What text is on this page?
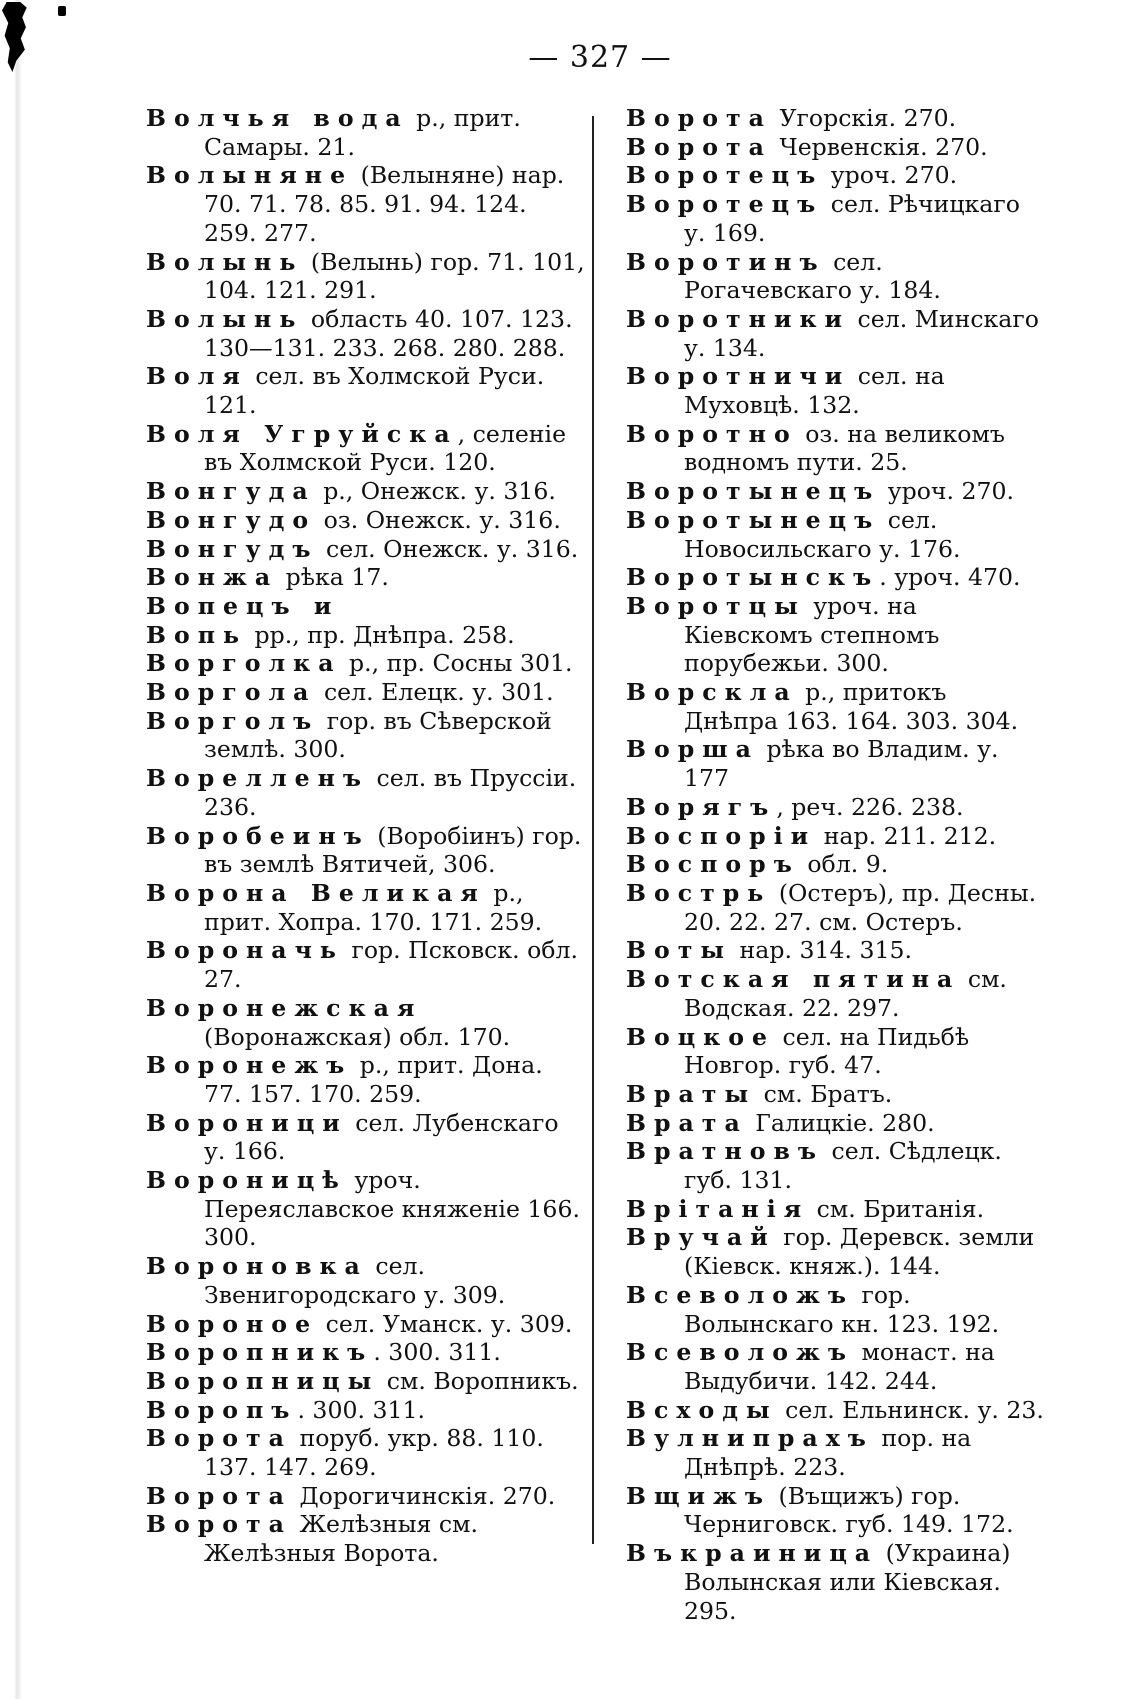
— 327 —

Волчья вода р., прит. Самары. 21.

Волыняне (Велыняне) нар. 70. 71. 78. 85. 91. 94. 124. 259. 277.

Волынь (Велынь) гор. 71. 101, 104. 121. 291.

Волынь область 40. 107. 123. 130—131. 233. 268. 280. 288.

Воля сел. въ Холмской Руси. 121.

Воля Угруйска, селеніе въ Холмской Руси. 120.

Вонгуда р., Онежск. у. 316.

Вонгудо оз. Онежск. у. 316.

Вонгудъ сел. Онежск. у. 316.

Вонжа рѣка 17.

Вопецъ и

Вопь рр., пр. Днѣпра. 258.

Ворголка р., пр. Сосны 301.

Ворголa сел. Елецк. у. 301.

Ворголъ гор. въ Сѣверской землѣ. 300.

Ворелленъ сел. въ Пруссіи. 236.

Воробеинъ (Воробіинъ) гор. въ землѣ Вятичей, 306.

Ворона Великая р., прит. Хопра. 170. 171. 259.

Вороначь гор. Псковск. обл. 27.

Воронежская (Воронажская) обл. 170.

Воронежъ р., прит. Дона. 77. 157. 170. 259.

Вороници сел. Лубенскаго у. 166.

Вороницѣ уроч. Переяславское княженіе 166. 300.

Вороновка сел. Звенигородскаго у. 309.

Вороное сел. Уманск. у. 309.

Воропникъ. 300. 311.

Воропницы см. Воропникъ.

Воропъ. 300. 311.

Ворота поруб. укр. 88. 110. 137. 147. 269.

Ворота Дорогичинскія. 270.

Ворота Желѣзныя см. Желѣзныя Ворота.

Ворота Угорскія. 270.

Ворота Червенскія. 270.

Воротецъ уроч. 270.

Воротецъ сел. Рѣчицкаго у. 169.

Воротинъ сел. Рогачевскаго у. 184.

Воротники сел. Минскаго у. 134.

Воротничи сел. на Муховцѣ. 132.

Воротно оз. на великомъ водномъ пути. 25.

Воротынецъ уроч. 270.

Воротынецъ сел. Новосильскаго у. 176.

Воротынскъ. уроч. 470.

Воротцы уроч. на Кіевскомъ степномъ порубежьи. 300.

Ворскла р., притокъ Днѣпра 163. 164. 303. 304.

Ворша рѣка во Владим. у. 177

Ворягъ, реч. 226. 238.

Воспоріи нар. 211. 212.

Воспоръ обл. 9.

Вострь (Остеръ), пр. Десны. 20. 22. 27. см. Остеръ.

Воты нар. 314. 315.

Вотская пятина см. Водская. 22. 297.

Воцкое сел. на Пидьбѣ Новгор. губ. 47.

Враты см. Братъ.

Врата Галицкіе. 280.

Вратновъ сел. Сѣдлецк. губ. 131.

Врітанія см. Британія.

Вручай гор. Деревск. земли (Кіевск. княж.). 144.

Всеволожъ гор. Волынскаго кн. 123. 192.

Всеволожъ монаст. на Выдубичи. 142. 244.

Всходы сел. Ельнинск. у. 23.

Вулнипрахъ пор. на Днѣпрѣ. 223.

Вщижъ (Въщижъ) гор. Черниговск. губ. 149. 172.

Въкраиница (Украина) Волынская или Кіевская. 295.
